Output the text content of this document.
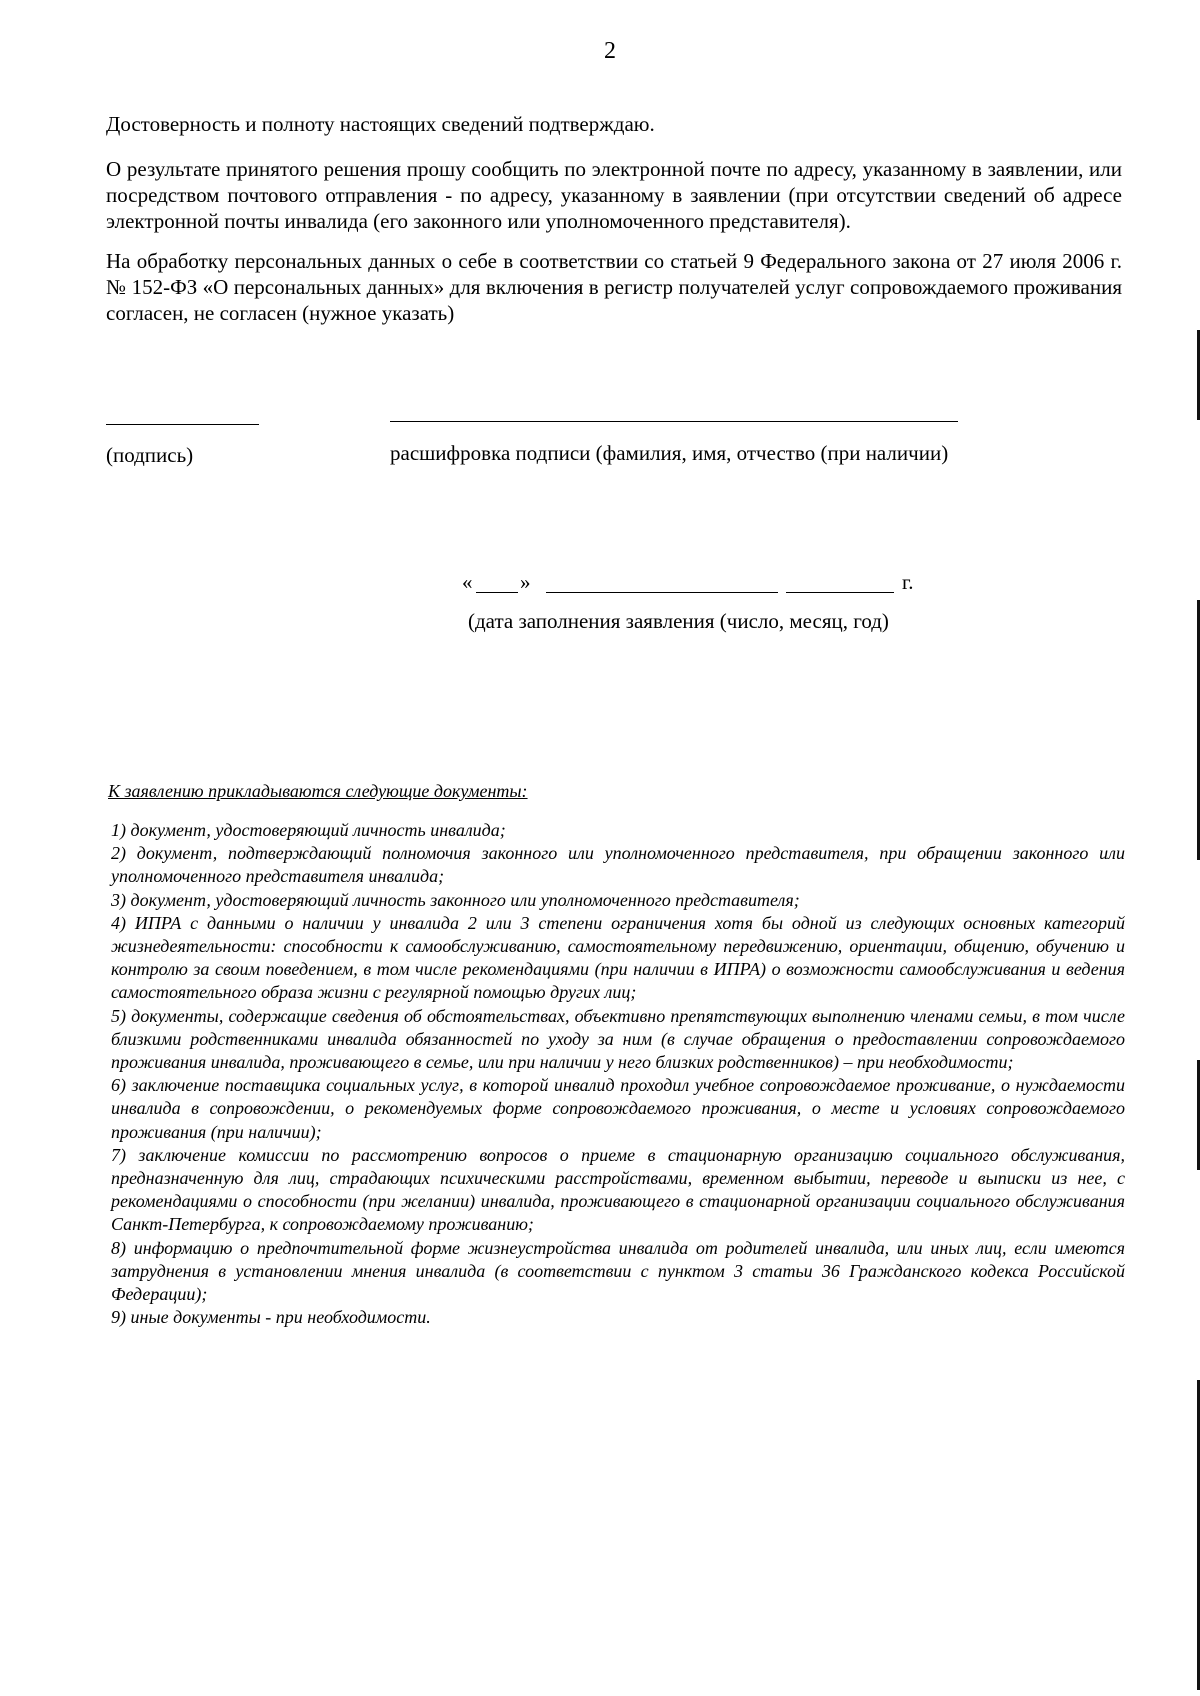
2

Достоверность и полноту настоящих сведений подтверждаю.

О результате принятого решения прошу сообщить по электронной почте по адресу, указанному в заявлении, или посредством почтового отправления - по адресу, указанному в заявлении (при отсутствии сведений об адресе электронной почты инвалида (его законного или уполномоченного представителя).

На обработку персональных данных о себе в соответствии со статьей 9 Федерального закона от 27 июля 2006 г. № 152-ФЗ «О персональных данных» для включения в регистр получателей услуг сопровождаемого проживания согласен, не согласен (нужное указать)

(подпись)	расшифровка подписи (фамилия, имя, отчество (при наличии)
« »	г.
(дата заполнения заявления (число, месяц, год)
К заявлению прикладываются следующие документы:

1) документ, удостоверяющий личность инвалида;

2) документ, подтверждающий полномочия законного или уполномоченного представителя, при обращении законного или уполномоченного представителя инвалида;

3) документ, удостоверяющий личность законного или уполномоченного представителя;

4) ИПРА с данными о наличии у инвалида 2 или 3 степени ограничения хотя бы одной из следующих основных категорий жизнедеятельности: способности к самообслуживанию, самостоятельному передвижению, ориентации, общению, обучению и контролю за своим поведением, в том числе рекомендациями (при наличии в ИПРА) о возможности самообслуживания и ведения самостоятельного образа жизни с регулярной помощью других лиц;

5) документы, содержащие сведения об обстоятельствах, объективно препятствующих выполнению членами семьи, в том числе близкими родственниками инвалида обязанностей по уходу за ним (в случае обращения о предоставлении сопровождаемого проживания инвалида, проживающего в семье, или при наличии у него близких родственников) – при необходимости;

6) заключение поставщика социальных услуг, в которой инвалид проходил учебное сопровождаемое проживание, о нуждаемости инвалида в сопровождении, о рекомендуемых форме сопровождаемого проживания, о месте и условиях сопровождаемого проживания (при наличии);

7) заключение комиссии по рассмотрению вопросов о приеме в стационарную организацию социального обслуживания, предназначенную для лиц, страдающих психическими расстройствами, временном выбытии, переводе и выписки из нее, с рекомендациями о способности (при желании) инвалида, проживающего в стационарной организации социального обслуживания Санкт-Петербурга, к сопровождаемому проживанию;

8) информацию о предпочтительной форме жизнеустройства инвалида от родителей инвалида, или иных лиц, если имеются затруднения в установлении мнения инвалида (в соответствии с пунктом 3 статьи 36 Гражданского кодекса Российской Федерации);

9) иные документы - при необходимости.
